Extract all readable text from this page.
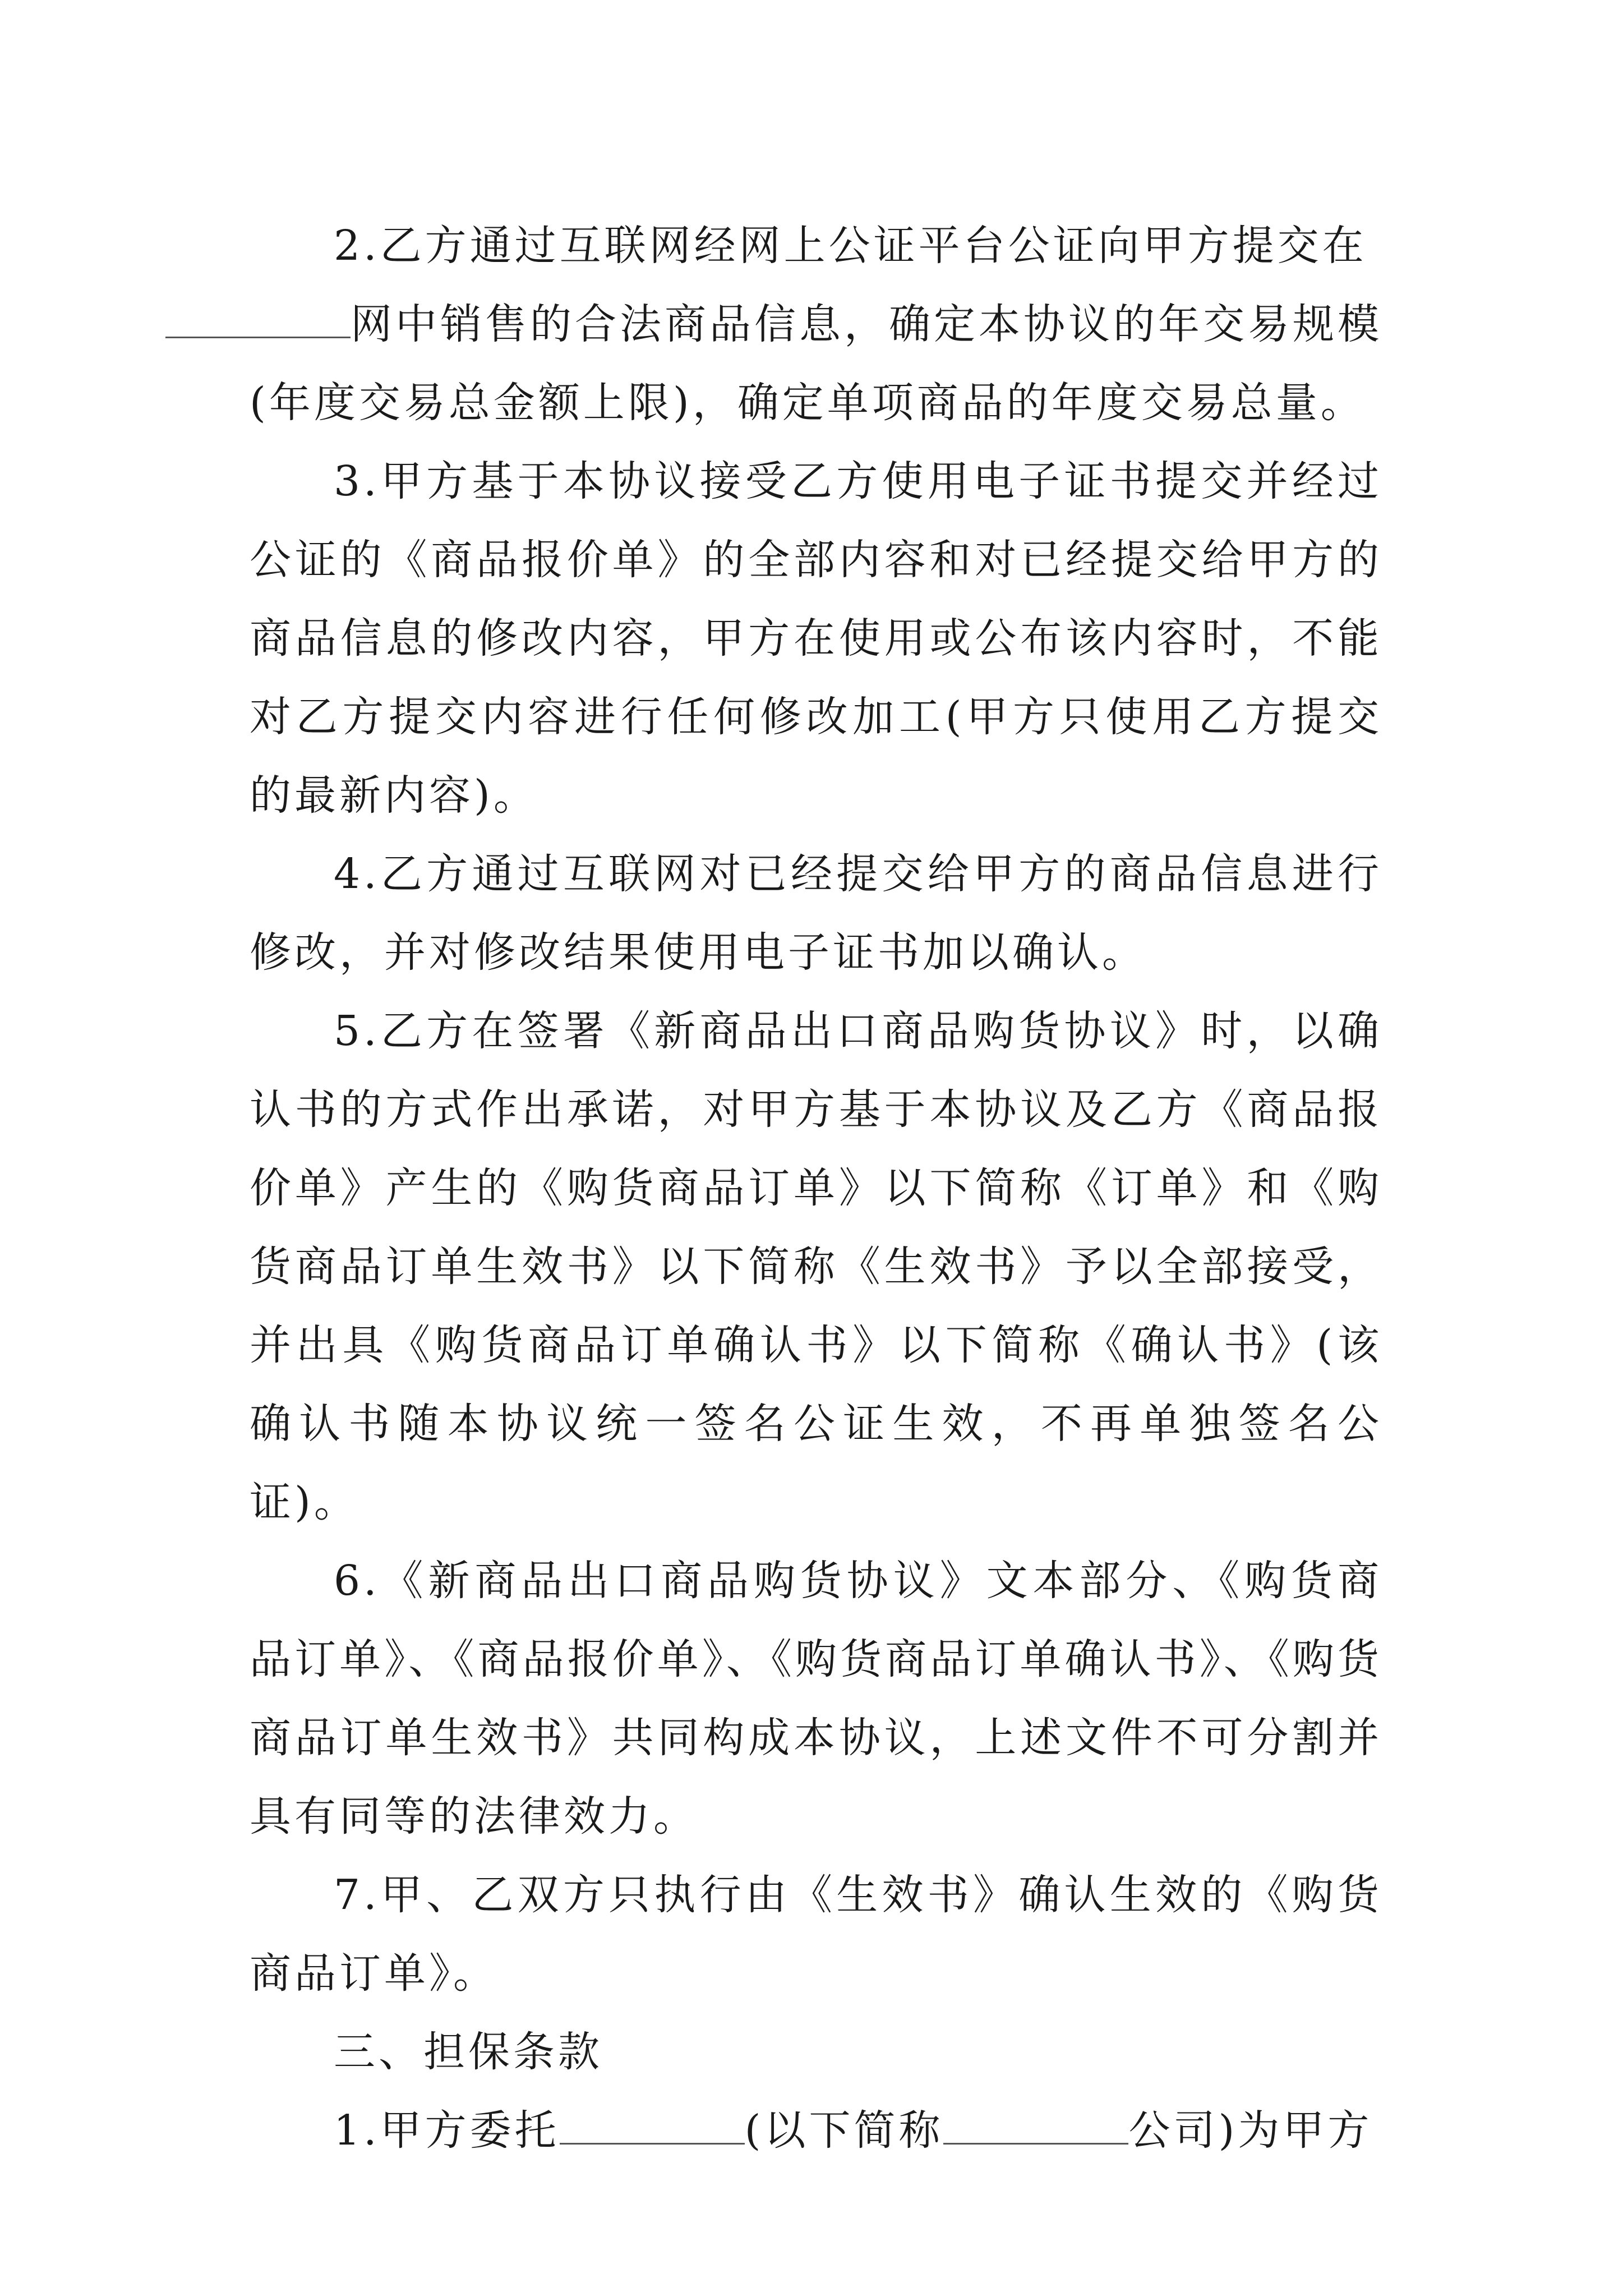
2.乙方通过互联网经网上公证平台公证向甲方提交在
网中销售的合法商品信息，确定本协议的年交易规模(年度交易总金额上限)，确定单项商品的年度交易总量。

3.甲方基于本协议接受乙方使用电子证书提交并经过公证的《商品报价单》的全部内容和对已经提交给甲方的商品信息的修改内容，甲方在使用或公布该内容时，不能对乙方提交内容进行任何修改加工(甲方只使用乙方提交的最新内容)。

4.乙方通过互联网对已经提交给甲方的商品信息进行修改，并对修改结果使用电子证书加以确认。

5.乙方在签署《新商品出口商品购货协议》时，以确认书的方式作出承诺，对甲方基于本协议及乙方《商品报价单》产生的《购货商品订单》以下简称《订单》和《购货商品订单生效书》以下简称《生效书》予以全部接受，并出具《购货商品订单确认书》以下简称《确认书》(该确认书随本协议统一签名公证生效，不再单独签名公证)。

6.《新商品出口商品购货协议》文本部分、《购货商品订单》、《商品报价单》、《购货商品订单确认书》、《购货商品订单生效书》共同构成本协议，上述文件不可分割并具有同等的法律效力。

7.甲、乙双方只执行由《生效书》确认生效的《购货商品订单》。

三、担保条款

1.甲方委托	(以下简称	公司)为甲方
